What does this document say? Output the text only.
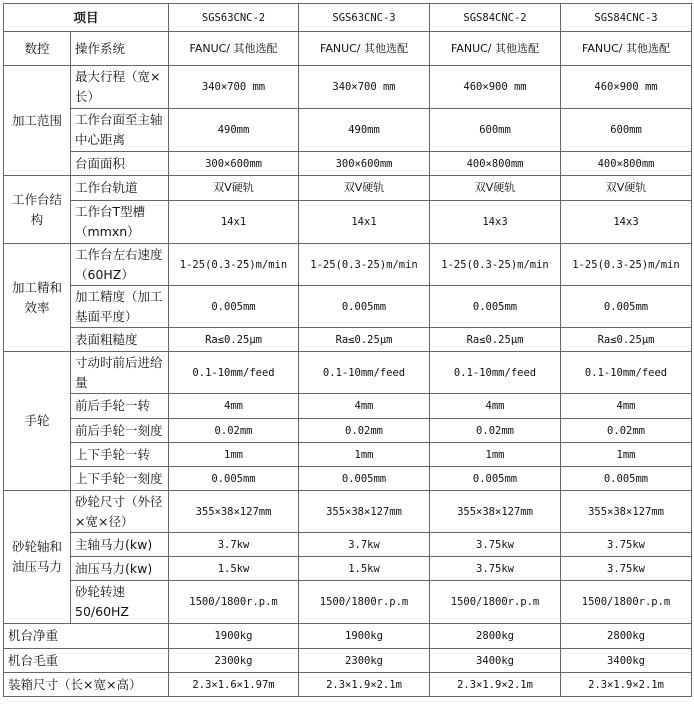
项目		SGS63CNC-2	SGS63CNC-3	SGS84CNC-2	SGS84CNC-3
数控	操作系统	FANUC/ 其他选配	FANUC/ 其他选配	FANUC/ 其他选配	FANUC/ 其他选配
加工范围	最大行程（宽×长）	340×700 mm	340×700 mm	460×900 mm	460×900 mm
	工作台面至主轴中心距离	490mm	490mm	600mm	600mm
	台面面积	300×600mm	300×600mm	400×800mm	400×800mm
工作台结构	工作台轨道	双V硬轨	双V硬轨	双V硬轨	双V硬轨
	工作台T型槽（mmxn）	14x1	14x1	14x3	14x3
加工精和效率	工作台左右速度（60HZ）	1-25(0.3-25)m/min	1-25(0.3-25)m/min	1-25(0.3-25)m/min	1-25(0.3-25)m/min
	加工精度（加工基面平度）	0.005mm	0.005mm	0.005mm	0.005mm
	表面粗糙度	Ra≤0.25μm	Ra≤0.25μm	Ra≤0.25μm	Ra≤0.25μm
手轮	寸动时前后进给量	0.1-10mm/feed	0.1-10mm/feed	0.1-10mm/feed	0.1-10mm/feed
	前后手轮一转	4mm	4mm	4mm	4mm
	前后手轮一刻度	0.02mm	0.02mm	0.02mm	0.02mm
	上下手轮一转	1mm	1mm	1mm	1mm
	上下手轮一刻度	0.005mm	0.005mm	0.005mm	0.005mm
砂轮轴和油压马力	砂轮尺寸（外径×宽×径）	355×38×127mm	355×38×127mm	355×38×127mm	355×38×127mm
	主轴马力(kw)	3.7kw	3.7kw	3.75kw	3.75kw
	油压马力(kw)	1.5kw	1.5kw	3.75kw	3.75kw
	砂轮转速50/60HZ	1500/1800r.p.m	1500/1800r.p.m	1500/1800r.p.m	1500/1800r.p.m
机台净重		1900kg	1900kg	2800kg	2800kg
机台毛重		2300kg	2300kg	3400kg	3400kg
装箱尺寸（长×宽×高）		2.3×1.6×1.97m	2.3×1.9×2.1m	2.3×1.9×2.1m	2.3×1.9×2.1m
